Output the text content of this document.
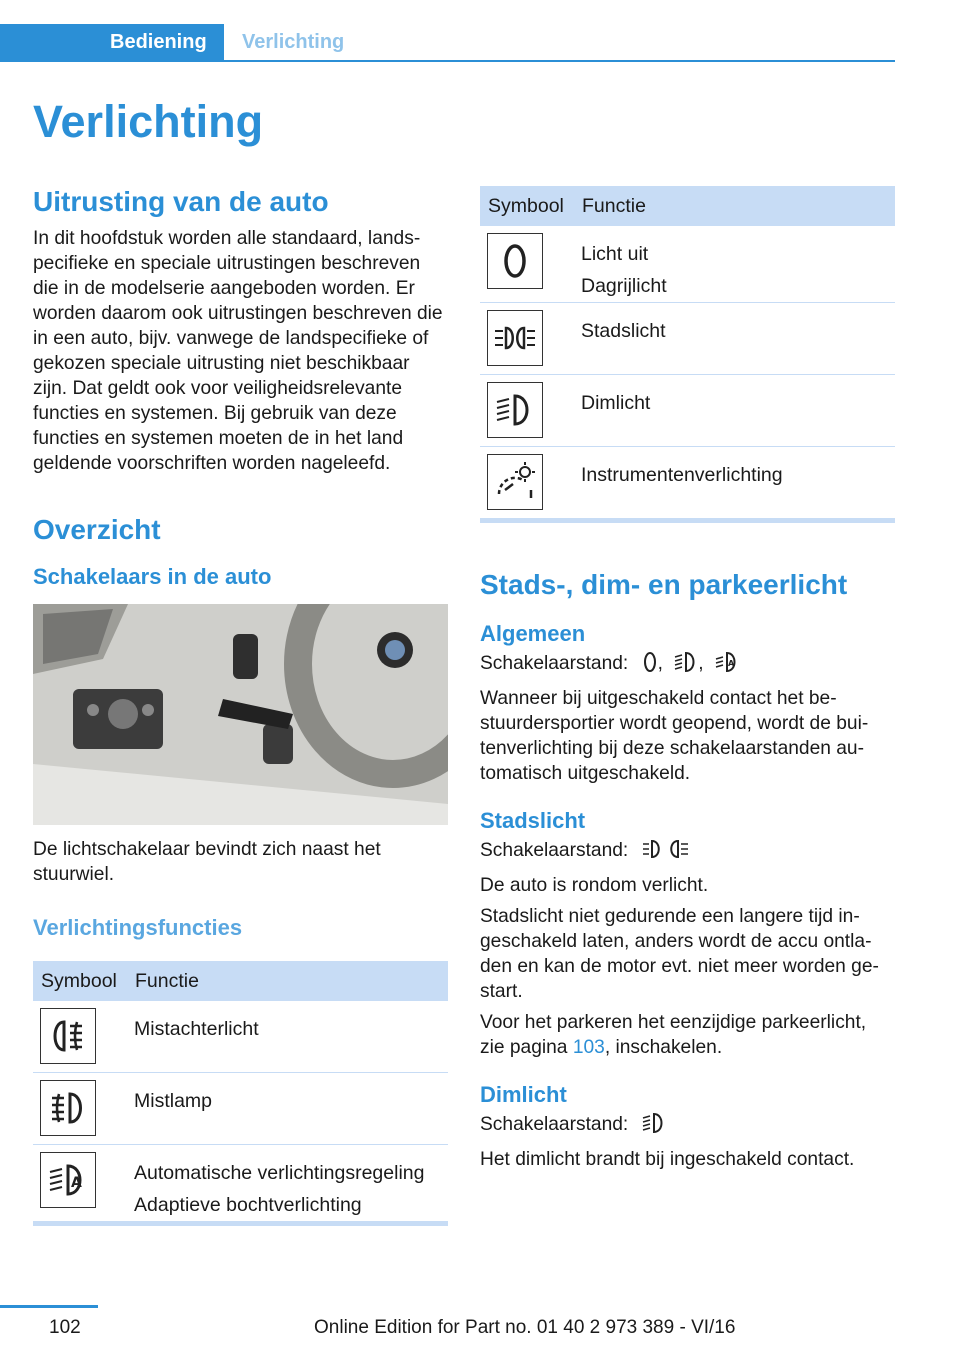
Bediening	Verlichting
Verlichting
Uitrusting van de auto
In dit hoofdstuk worden alle standaard, landspecifieke en speciale uitrustingen beschreven die in de modelserie aangeboden worden. Er worden daarom ook uitrustingen beschreven die in een auto, bijv. vanwege de landspecifieke of gekozen speciale uitrusting niet beschikbaar zijn. Dat geldt ook voor veiligheidsrelevante functies en systemen. Bij gebruik van deze functies en systemen moeten de in het land geldende voorschriften worden nageleefd.
Overzicht
Schakelaars in de auto
De lichtschakelaar bevindt zich naast het stuurwiel.
Verlichtingsfuncties
Symbool	Functie

Mistachterlicht

Mistlamp

A	Automatische verlichtingsregeling
Adaptieve bochtverlichting
Symbool	Functie

Licht uit
Dagrijlicht

Stadslicht

Dimlicht

Instrumentenverlichting
Stads-, dim- en parkeerlicht
Algemeen
Schakelaarstand: , ,	A
Wanneer bij uitgeschakeld contact het bestuurdersportier wordt geopend, wordt de buitenverlichting bij deze schakelaarstanden automatisch uitgeschakeld.
Stadslicht
Schakelaarstand:
De auto is rondom verlicht.
Stadslicht niet gedurende een langere tijd ingeschakeld laten, anders wordt de accu ontladen en kan de motor evt. niet meer worden gestart.
Voor het parkeren het eenzijdige parkeerlicht, zie pagina 103, inschakelen.
Dimlicht
Schakelaarstand:
Het dimlicht brandt bij ingeschakeld contact.
102	Online Edition for Part no. 01 40 2 973 389 - VI/16
